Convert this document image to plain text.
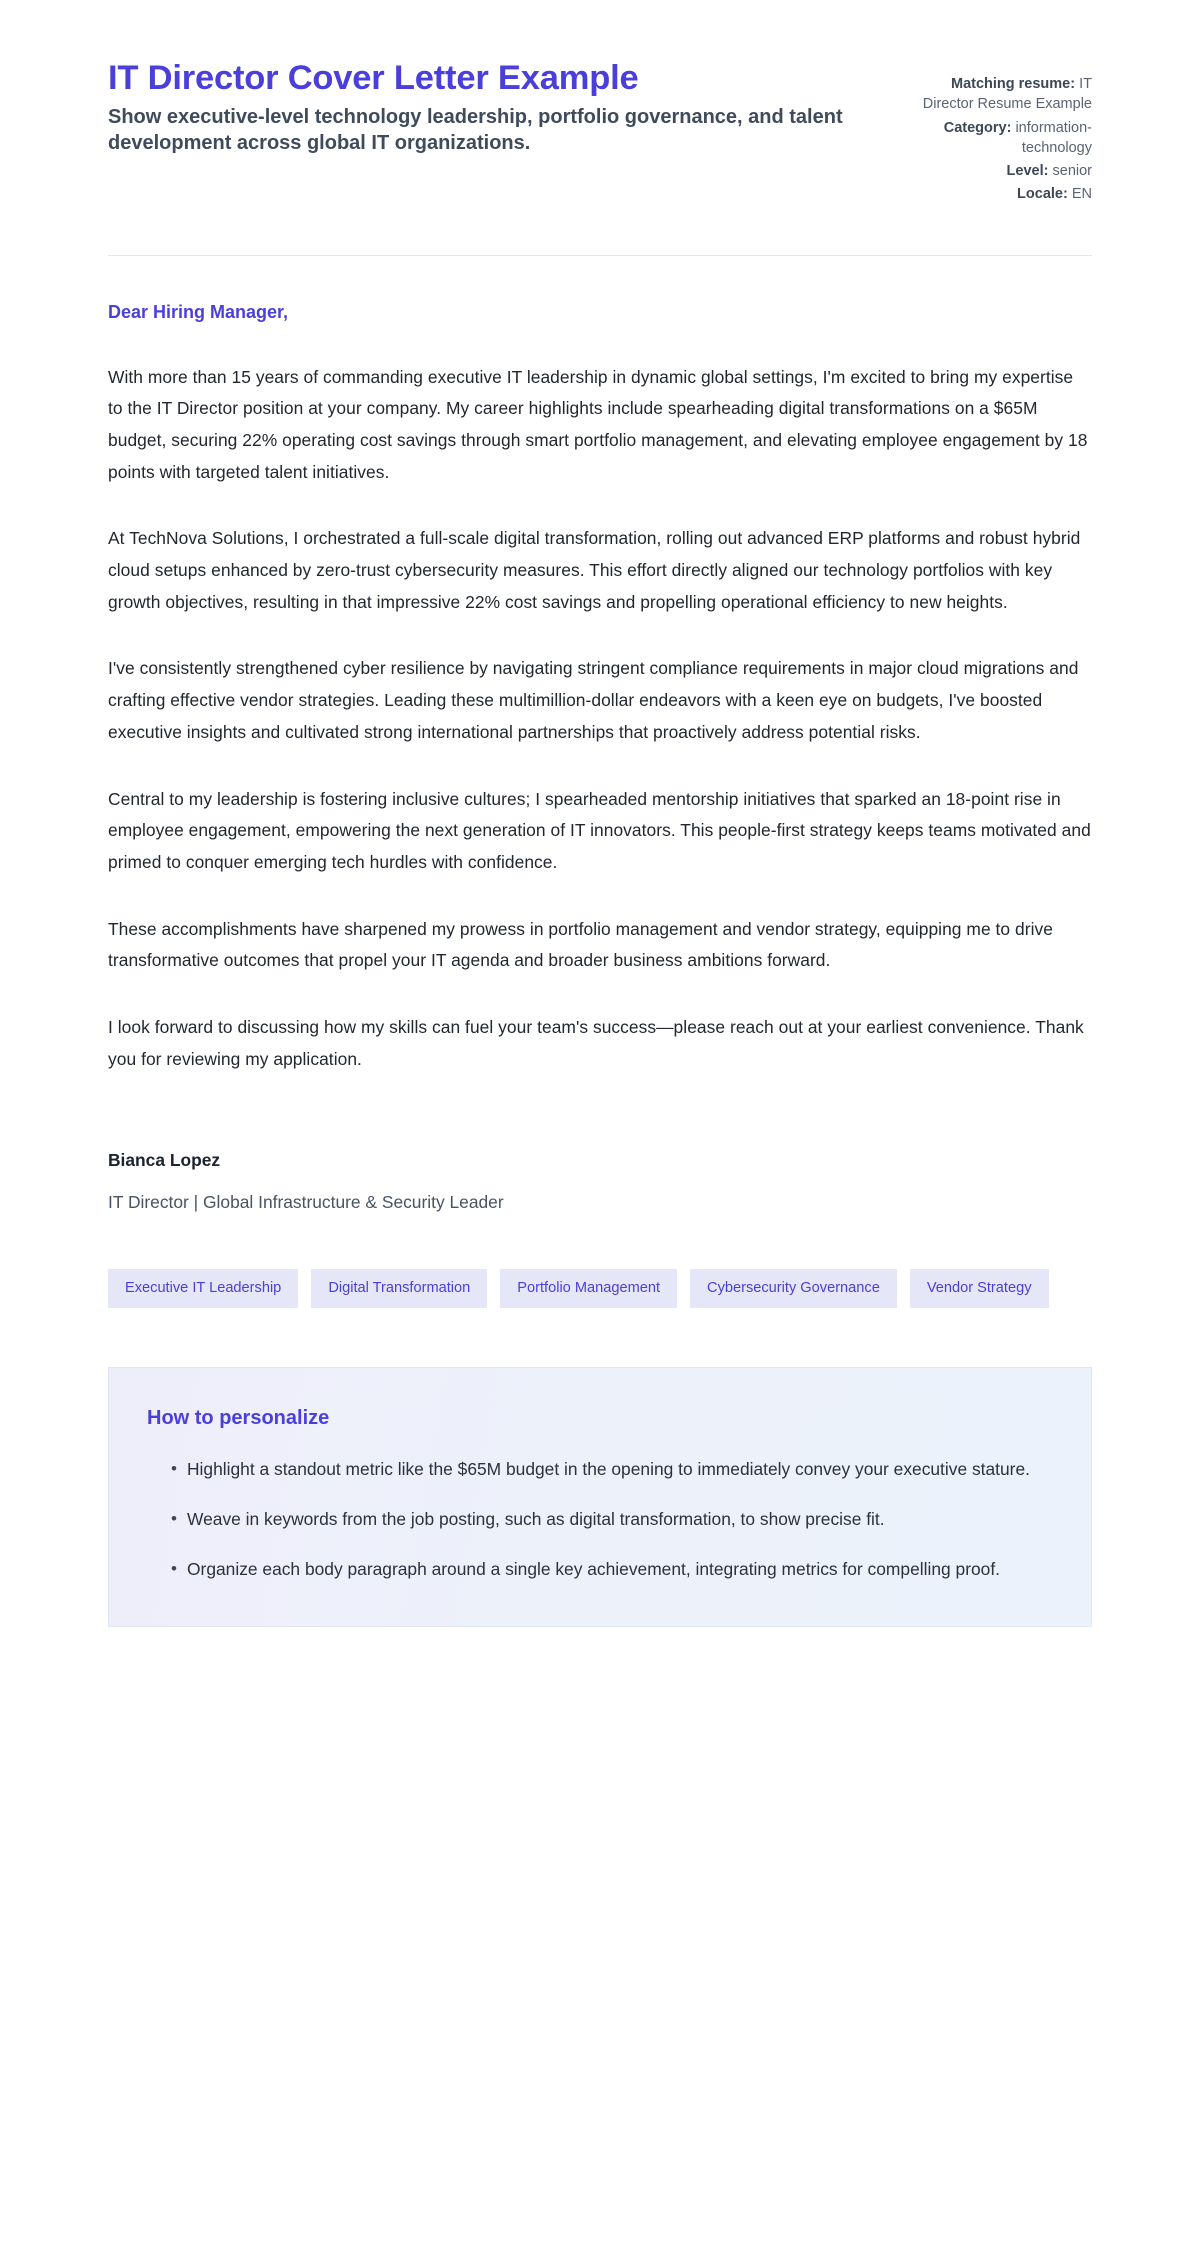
IT Director Cover Letter Example

Show executive-level technology leadership, portfolio governance, and talent development across global IT organizations.

Matching resume: IT Director Resume Example
Category: information-technology
Level: senior
Locale: EN

Dear Hiring Manager,

With more than 15 years of commanding executive IT leadership in dynamic global settings, I'm excited to bring my expertise to the IT Director position at your company. My career highlights include spearheading digital transformations on a $65M budget, securing 22% operating cost savings through smart portfolio management, and elevating employee engagement by 18 points with targeted talent initiatives.

At TechNova Solutions, I orchestrated a full-scale digital transformation, rolling out advanced ERP platforms and robust hybrid cloud setups enhanced by zero-trust cybersecurity measures. This effort directly aligned our technology portfolios with key growth objectives, resulting in that impressive 22% cost savings and propelling operational efficiency to new heights.

I've consistently strengthened cyber resilience by navigating stringent compliance requirements in major cloud migrations and crafting effective vendor strategies. Leading these multimillion-dollar endeavors with a keen eye on budgets, I've boosted executive insights and cultivated strong international partnerships that proactively address potential risks.

Central to my leadership is fostering inclusive cultures; I spearheaded mentorship initiatives that sparked an 18-point rise in employee engagement, empowering the next generation of IT innovators. This people-first strategy keeps teams motivated and primed to conquer emerging tech hurdles with confidence.

These accomplishments have sharpened my prowess in portfolio management and vendor strategy, equipping me to drive transformative outcomes that propel your IT agenda and broader business ambitions forward.

I look forward to discussing how my skills can fuel your team's success—please reach out at your earliest convenience. Thank you for reviewing my application.

Bianca Lopez

IT Director | Global Infrastructure & Security Leader

Executive IT Leadership	Digital Transformation	Portfolio Management	Cybersecurity Governance	Vendor Strategy
How to personalize
• Highlight a standout metric like the $65M budget in the opening to immediately convey your executive stature.
• Weave in keywords from the job posting, such as digital transformation, to show precise fit.
• Organize each body paragraph around a single key achievement, integrating metrics for compelling proof.
